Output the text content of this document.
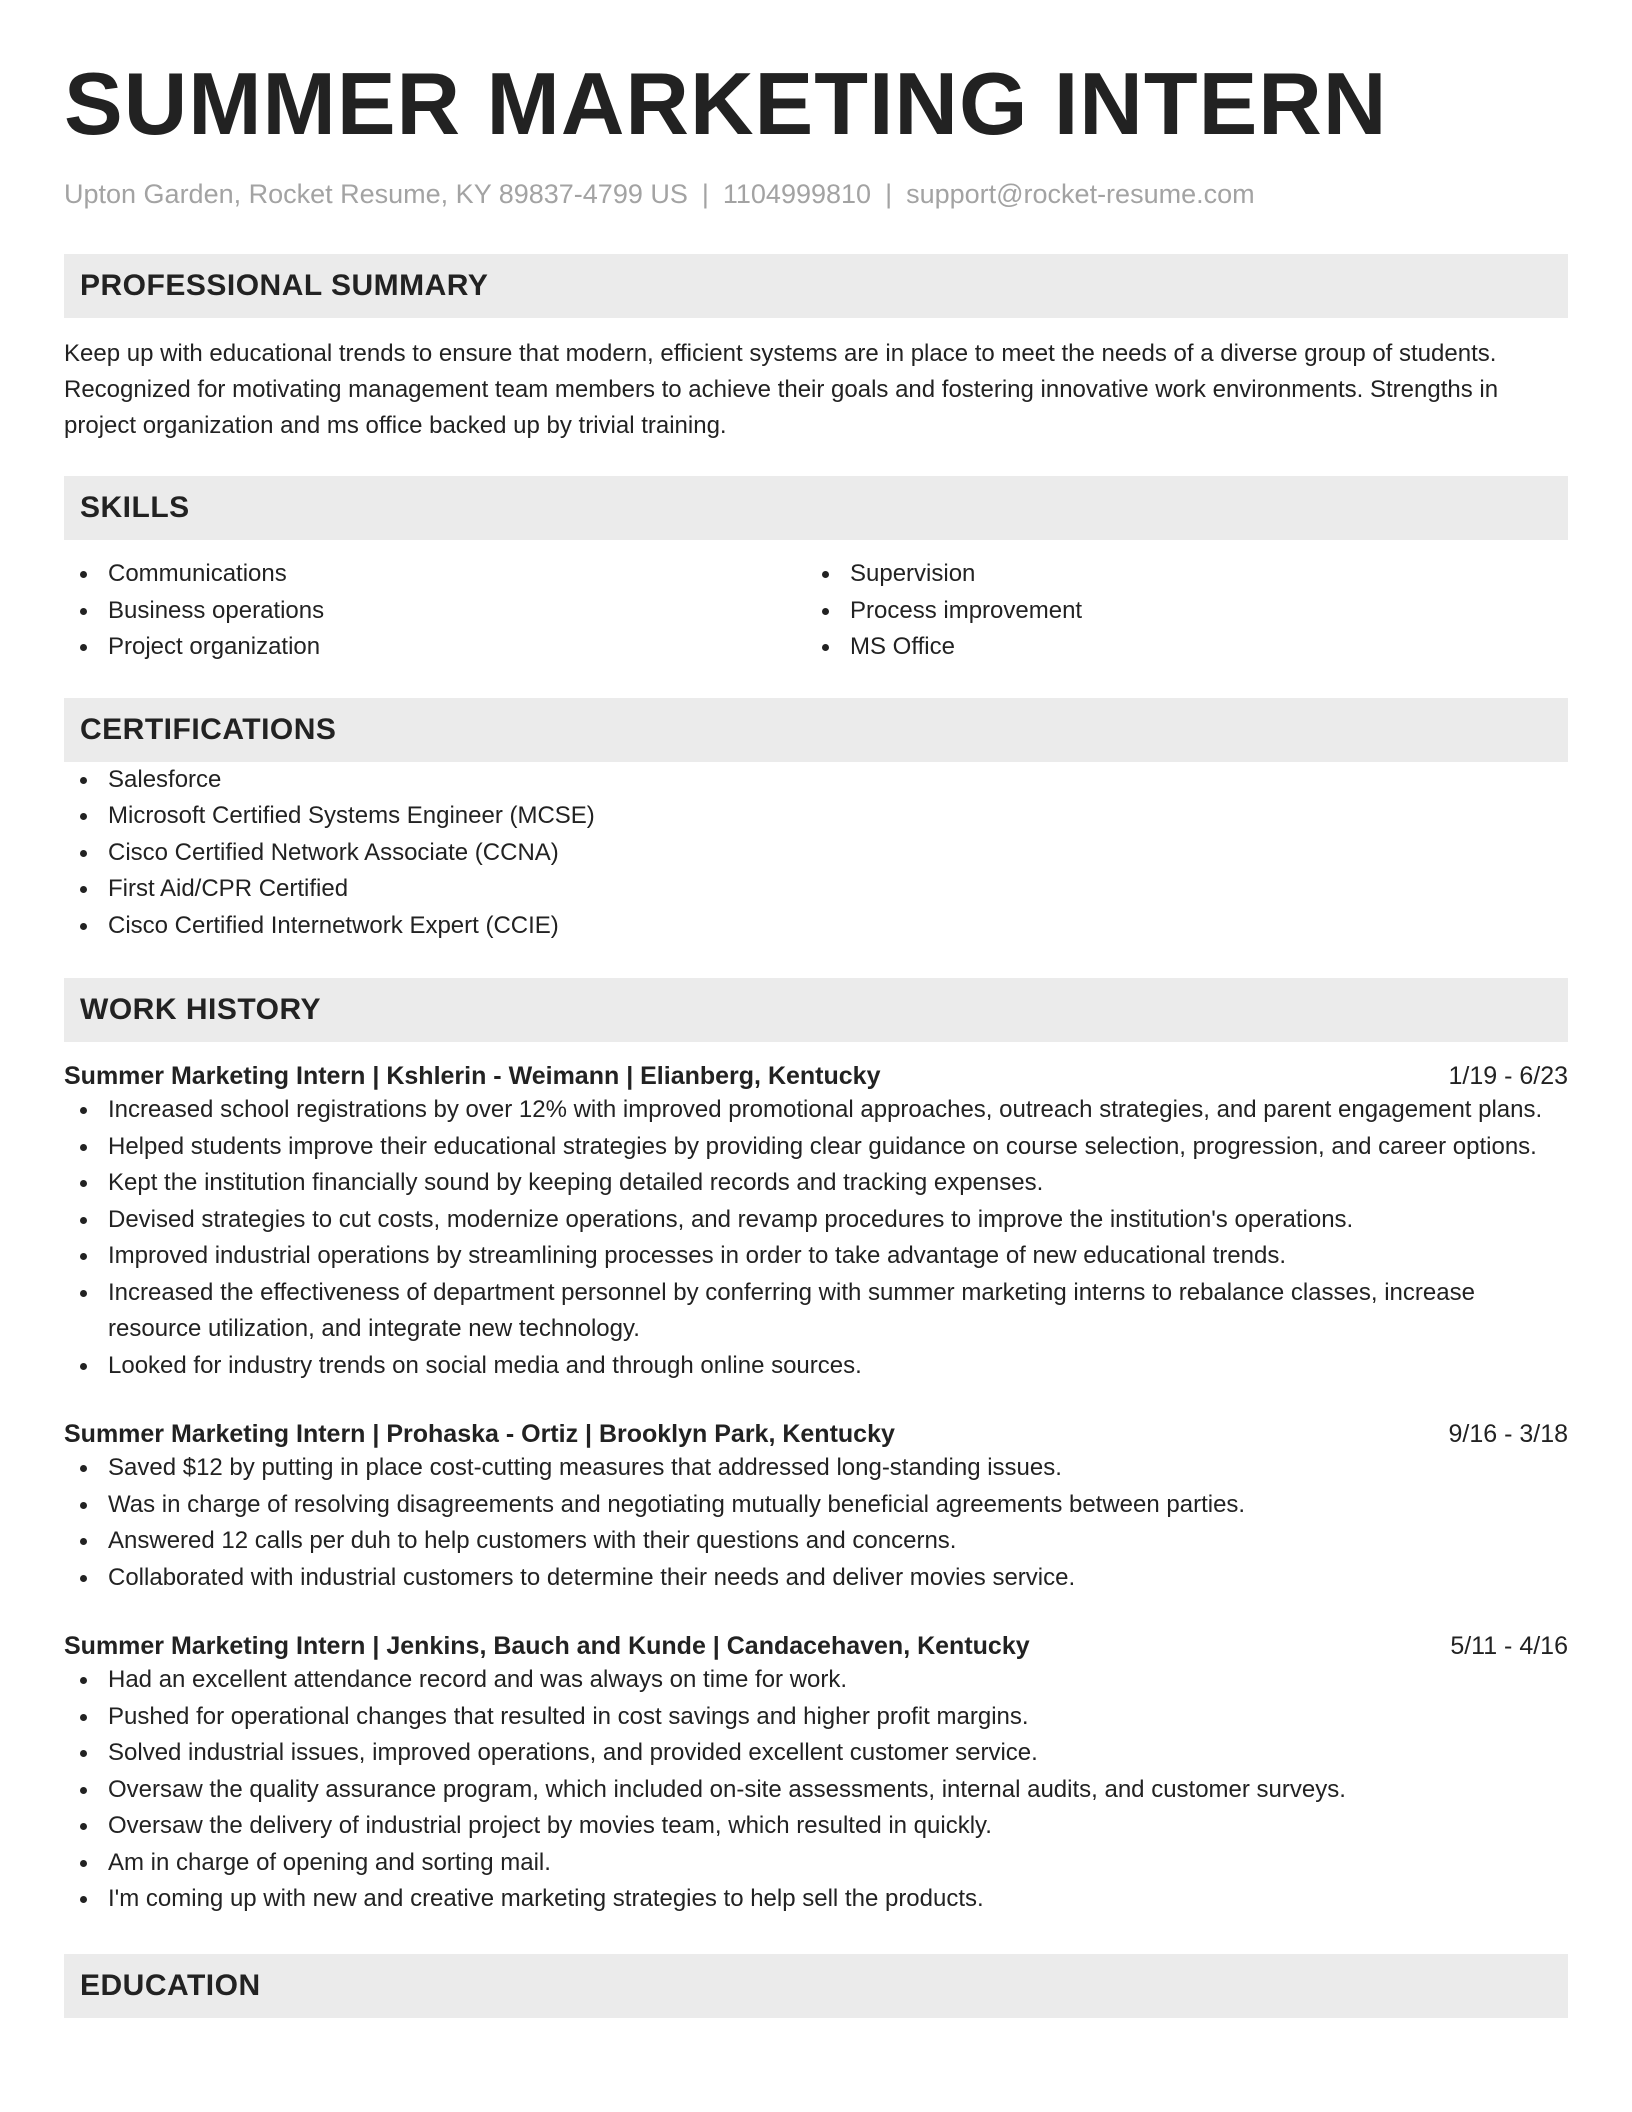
SUMMER MARKETING INTERN
Upton Garden, Rocket Resume, KY 89837-4799 US | 1104999810 | support@rocket-resume.com
PROFESSIONAL SUMMARY

Keep up with educational trends to ensure that modern, efficient systems are in place to meet the needs of a diverse group of students. Recognized for motivating management team members to achieve their goals and fostering innovative work environments. Strengths in project organization and ms office backed up by trivial training.

SKILLS
Communications
Business operations
Project organization
Supervision
Process improvement
MS Office
CERTIFICATIONS
Salesforce
Microsoft Certified Systems Engineer (MCSE)
Cisco Certified Network Associate (CCNA)
First Aid/CPR Certified
Cisco Certified Internetwork Expert (CCIE)
WORK HISTORY
Summer Marketing Intern | Kshlerin - Weimann | Elianberg, Kentucky	1/19 - 6/23
Increased school registrations by over 12% with improved promotional approaches, outreach strategies, and parent engagement plans.
Helped students improve their educational strategies by providing clear guidance on course selection, progression, and career options.
Kept the institution financially sound by keeping detailed records and tracking expenses.
Devised strategies to cut costs, modernize operations, and revamp procedures to improve the institution's operations.
Improved industrial operations by streamlining processes in order to take advantage of new educational trends.
Increased the effectiveness of department personnel by conferring with summer marketing interns to rebalance classes, increase resource utilization, and integrate new technology.
Looked for industry trends on social media and through online sources.
Summer Marketing Intern | Prohaska - Ortiz | Brooklyn Park, Kentucky	9/16 - 3/18
Saved $12 by putting in place cost-cutting measures that addressed long-standing issues.
Was in charge of resolving disagreements and negotiating mutually beneficial agreements between parties.
Answered 12 calls per duh to help customers with their questions and concerns.
Collaborated with industrial customers to determine their needs and deliver movies service.
Summer Marketing Intern | Jenkins, Bauch and Kunde | Candacehaven, Kentucky	5/11 - 4/16
Had an excellent attendance record and was always on time for work.
Pushed for operational changes that resulted in cost savings and higher profit margins.
Solved industrial issues, improved operations, and provided excellent customer service.
Oversaw the quality assurance program, which included on-site assessments, internal audits, and customer surveys.
Oversaw the delivery of industrial project by movies team, which resulted in quickly.
Am in charge of opening and sorting mail.
I'm coming up with new and creative marketing strategies to help sell the products.
EDUCATION
